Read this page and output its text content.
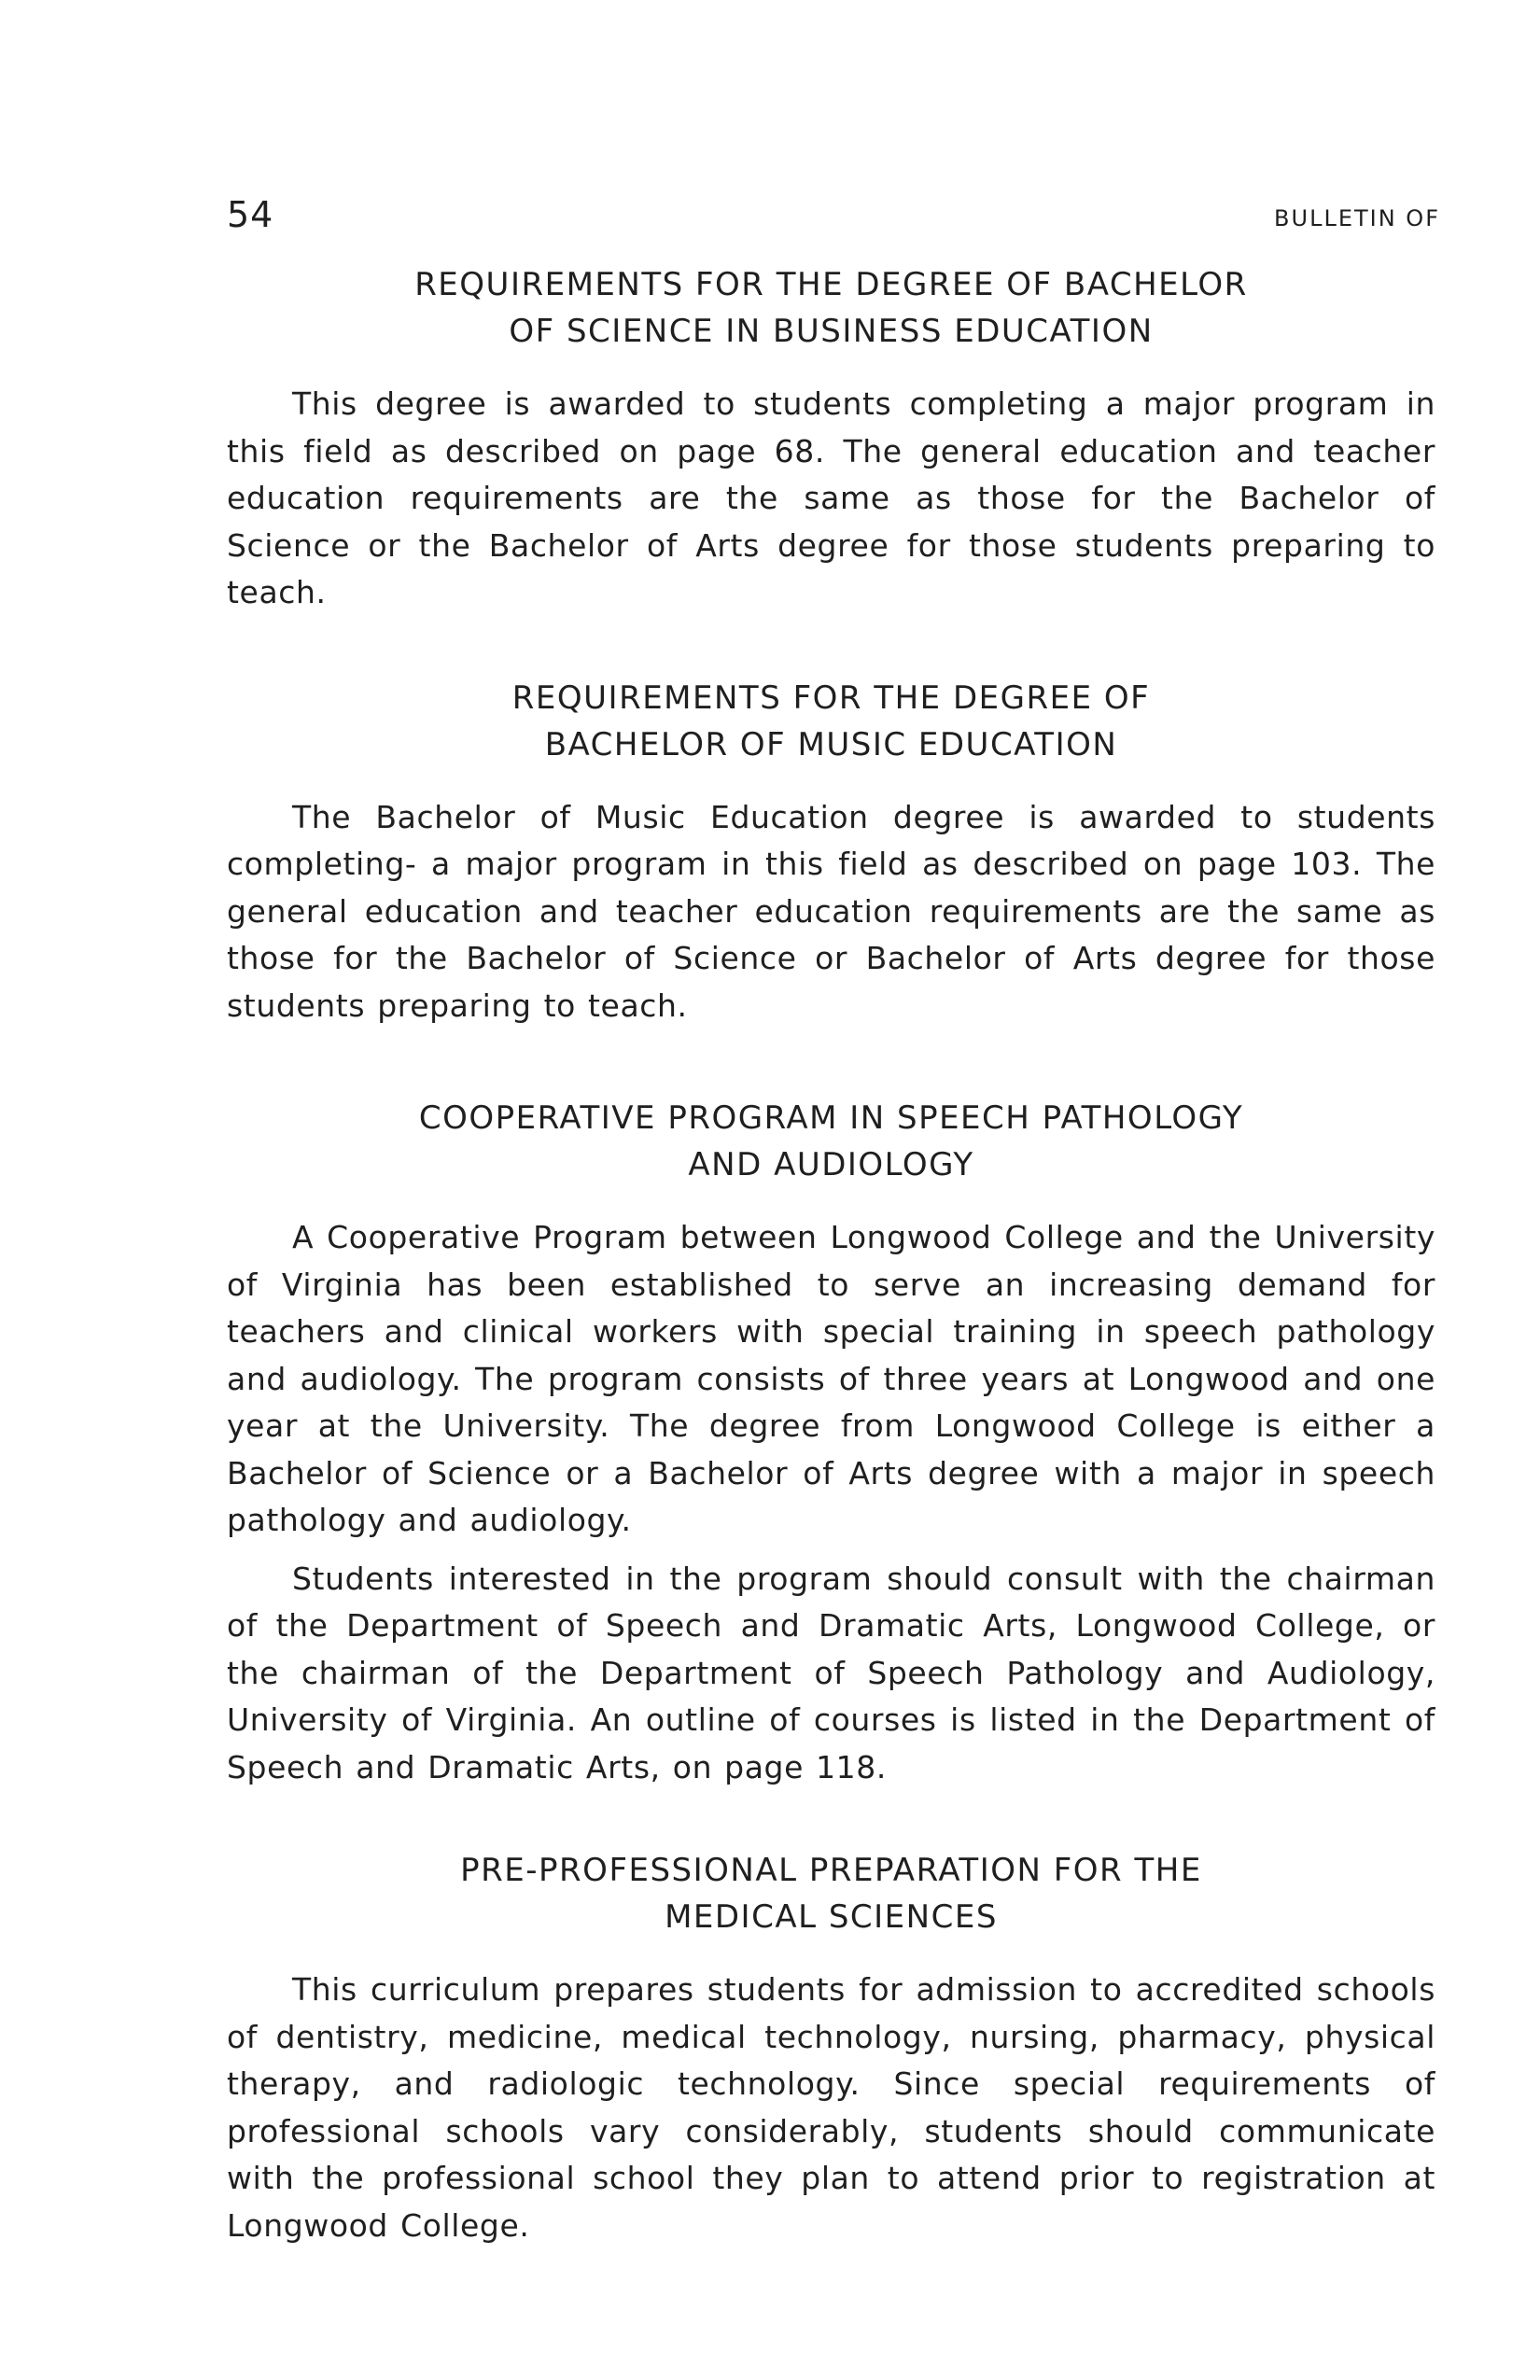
54	BULLETIN OF
REQUIREMENTS FOR THE DEGREE OF BACHELOR
OF SCIENCE IN BUSINESS EDUCATION

This degree is awarded to students completing a major program in this field as described on page 68. The general education and teacher education requirements are the same as those for the Bachelor of Science or the Bachelor of Arts degree for those students preparing to teach.

REQUIREMENTS FOR THE DEGREE OF
BACHELOR OF MUSIC EDUCATION

The Bachelor of Music Education degree is awarded to students completing- a major program in this field as described on page 103. The general education and teacher education requirements are the same as those for the Bachelor of Science or Bachelor of Arts degree for those students preparing to teach.

COOPERATIVE PROGRAM IN SPEECH PATHOLOGY
AND AUDIOLOGY

A Cooperative Program between Longwood College and the University of Virginia has been established to serve an increasing demand for teachers and clinical workers with special training in speech pathology and audiology. The program consists of three years at Longwood and one year at the University. The degree from Longwood College is either a Bachelor of Science or a Bachelor of Arts degree with a major in speech pathology and audiology.

Students interested in the program should consult with the chairman of the Department of Speech and Dramatic Arts, Longwood College, or the chairman of the Department of Speech Pathology and Audiology, University of Virginia. An outline of courses is listed in the Department of Speech and Dramatic Arts, on page 118.

PRE-PROFESSIONAL PREPARATION FOR THE
MEDICAL SCIENCES

This curriculum prepares students for admission to accredited schools of dentistry, medicine, medical technology, nursing, pharmacy, physical therapy, and radiologic technology. Since special requirements of professional schools vary considerably, students should communicate with the professional school they plan to attend prior to registration at Longwood College.
